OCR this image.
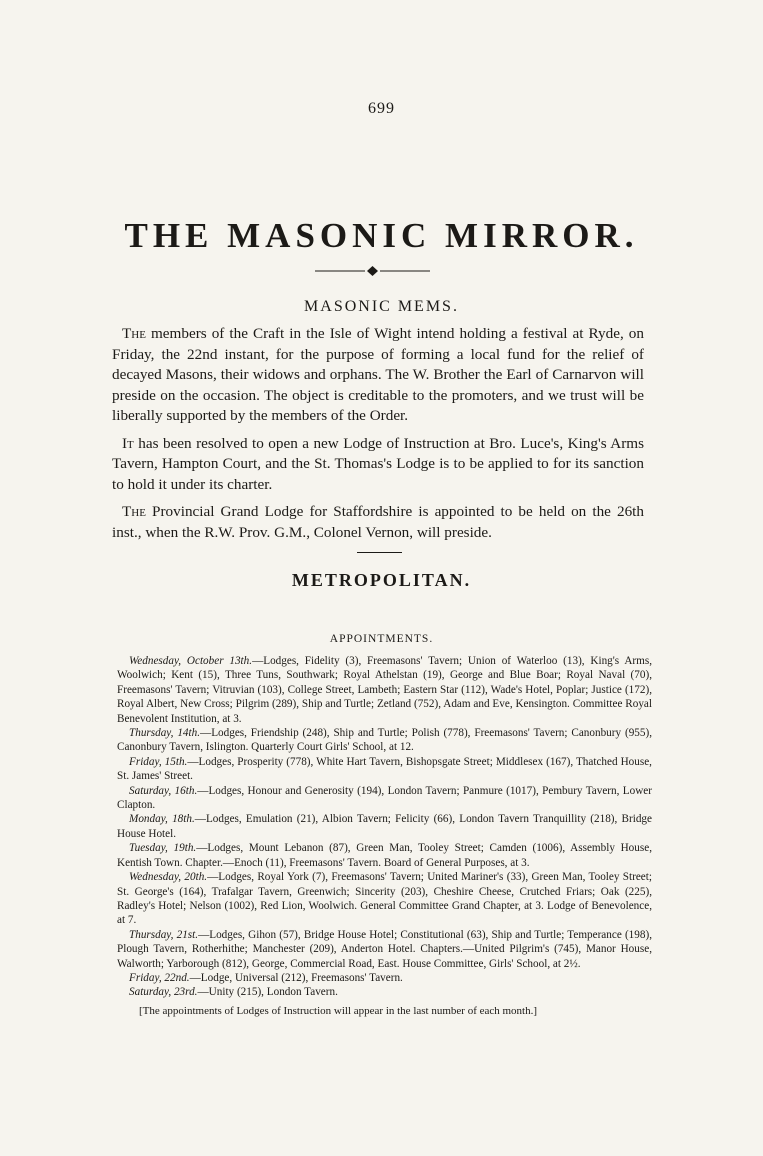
699
THE MASONIC MIRROR.
MASONIC MEMS.

The members of the Craft in the Isle of Wight intend holding a festival at Ryde, on Friday, the 22nd instant, for the purpose of forming a local fund for the relief of decayed Masons, their widows and orphans. The W. Brother the Earl of Carnarvon will preside on the occasion. The object is creditable to the promoters, and we trust will be liberally supported by the members of the Order.

It has been resolved to open a new Lodge of Instruction at Bro. Luce's, King's Arms Tavern, Hampton Court, and the St. Thomas's Lodge is to be applied to for its sanction to hold it under its charter.

The Provincial Grand Lodge for Staffordshire is appointed to be held on the 26th inst., when the R.W. Prov. G.M., Colonel Vernon, will preside.

METROPOLITAN.
APPOINTMENTS.

Wednesday, October 13th.—Lodges, Fidelity (3), Freemasons' Tavern; Union of Waterloo (13), King's Arms, Woolwich; Kent (15), Three Tuns, Southwark; Royal Athelstan (19), George and Blue Boar; Royal Naval (70), Freemasons' Tavern; Vitruvian (103), College Street, Lambeth; Eastern Star (112), Wade's Hotel, Poplar; Justice (172), Royal Albert, New Cross; Pilgrim (289), Ship and Turtle; Zetland (752), Adam and Eve, Kensington. Committee Royal Benevolent Institution, at 3.

Thursday, 14th.—Lodges, Friendship (248), Ship and Turtle; Polish (778), Freemasons' Tavern; Canonbury (955), Canonbury Tavern, Islington. Quarterly Court Girls' School, at 12.

Friday, 15th.—Lodges, Prosperity (778), White Hart Tavern, Bishopsgate Street; Middlesex (167), Thatched House, St. James' Street.

Saturday, 16th.—Lodges, Honour and Generosity (194), London Tavern; Panmure (1017), Pembury Tavern, Lower Clapton.

Monday, 18th.—Lodges, Emulation (21), Albion Tavern; Felicity (66), London Tavern Tranquillity (218), Bridge House Hotel.

Tuesday, 19th.—Lodges, Mount Lebanon (87), Green Man, Tooley Street; Camden (1006), Assembly House, Kentish Town. Chapter.—Enoch (11), Freemasons' Tavern. Board of General Purposes, at 3.

Wednesday, 20th.—Lodges, Royal York (7), Freemasons' Tavern; United Mariner's (33), Green Man, Tooley Street; St. George's (164), Trafalgar Tavern, Greenwich; Sincerity (203), Cheshire Cheese, Crutched Friars; Oak (225), Radley's Hotel; Nelson (1002), Red Lion, Woolwich. General Committee Grand Chapter, at 3. Lodge of Benevolence, at 7.

Thursday, 21st.—Lodges, Gihon (57), Bridge House Hotel; Constitutional (63), Ship and Turtle; Temperance (198), Plough Tavern, Rotherhithe; Manchester (209), Anderton Hotel. Chapters.—United Pilgrim's (745), Manor House, Walworth; Yarborough (812), George, Commercial Road, East. House Committee, Girls' School, at 2½.

Friday, 22nd.—Lodge, Universal (212), Freemasons' Tavern.

Saturday, 23rd.—Unity (215), London Tavern.

[The appointments of Lodges of Instruction will appear in the last number of each month.]
